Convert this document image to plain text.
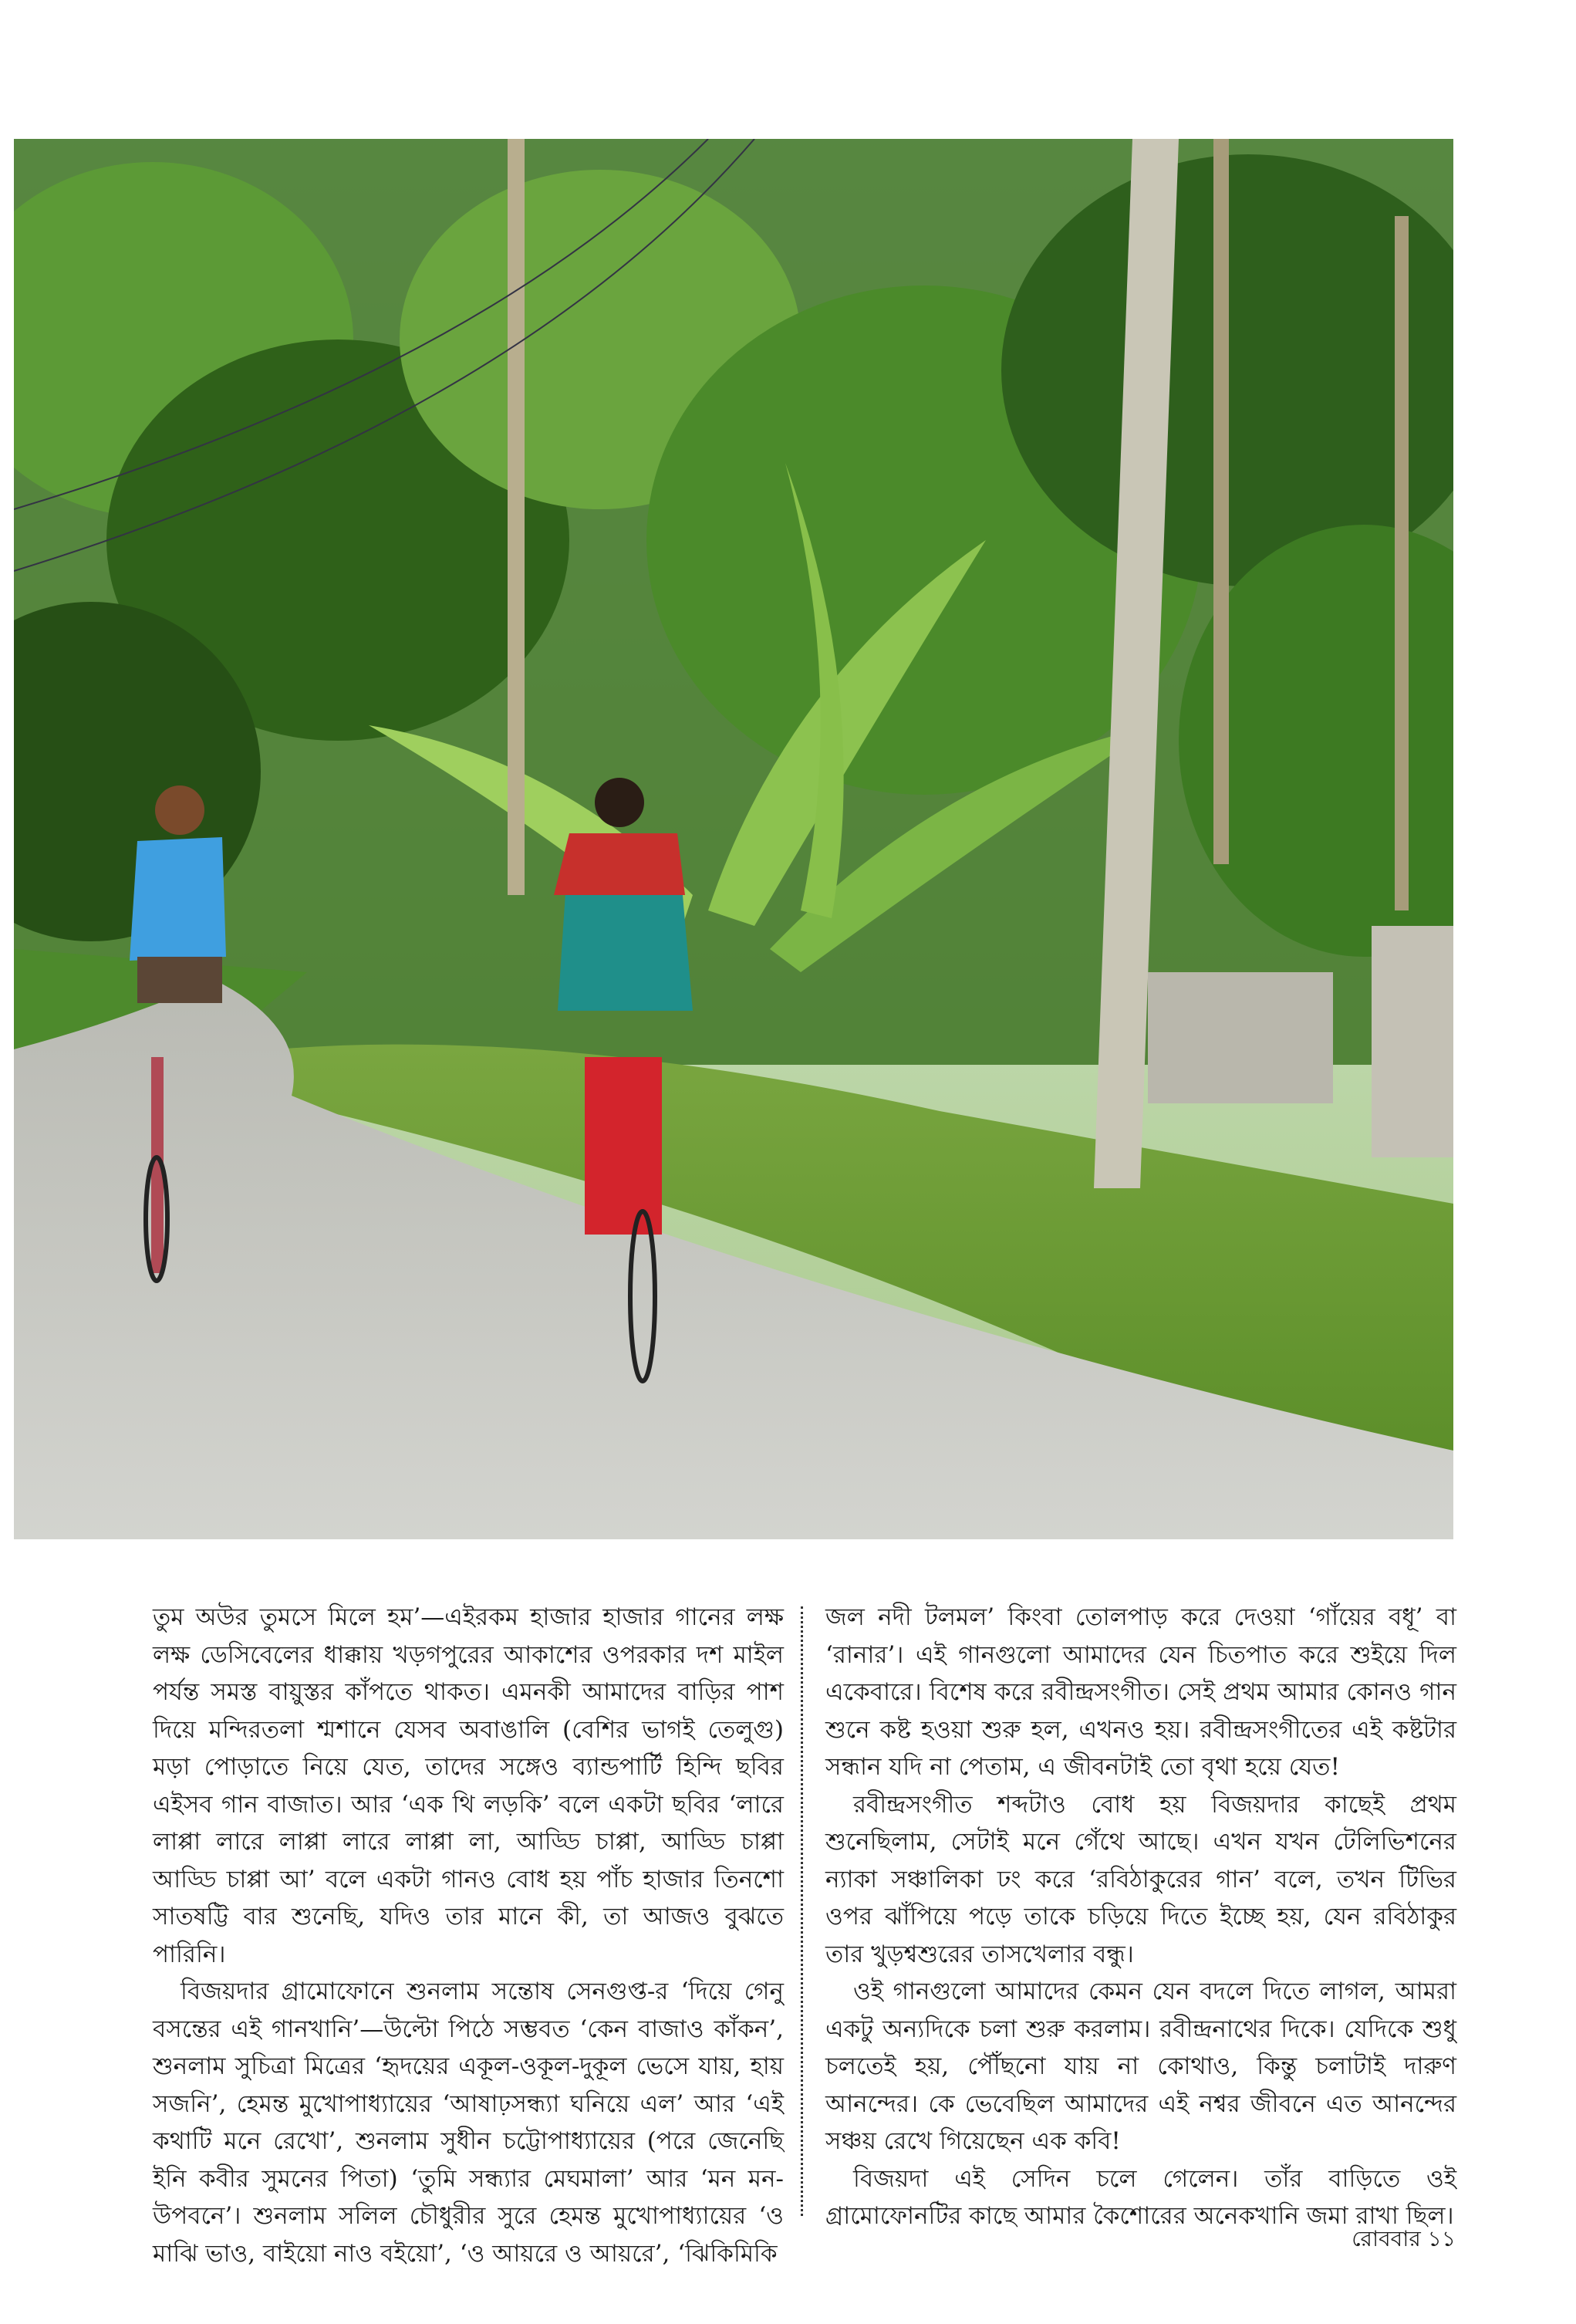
তুম অউর তুমসে মিলে হম’—এইরকম হাজার হাজার গানের লক্ষ লক্ষ ডেসিবেলের ধাক্কায় খড়গপুরের আকাশের ওপরকার দশ মাইল পর্যন্ত সমস্ত বায়ুস্তর কাঁপতে থাকত। এমনকী আমাদের বাড়ির পাশ দিয়ে মন্দিরতলা শ্মশানে যেসব অবাঙালি (বেশির ভাগই তেলুগু) মড়া পোড়াতে নিয়ে যেত, তাদের সঙ্গেও ব্যান্ডপার্টি হিন্দি ছবির এইসব গান বাজাত। আর ‘এক থি লড়কি’ বলে একটা ছবির ‘লারে লাপ্পা লারে লাপ্পা লারে লাপ্পা লা, আড্ডি চাপ্পা, আড্ডি চাপ্পা আড্ডি চাপ্পা আ’ বলে একটা গানও বোধ হয় পাঁচ হাজার তিনশো সাতষট্টি বার শুনেছি, যদিও তার মানে কী, তা আজও বুঝতে পারিনি।

বিজয়দার গ্রামোফোনে শুনলাম সন্তোষ সেনগুপ্ত-র ‘দিয়ে গেনু বসন্তের এই গানখানি’—উল্টো পিঠে সম্ভবত ‘কেন বাজাও কাঁকন’, শুনলাম সুচিত্রা মিত্রের ‘হৃদয়ের একূল-ওকূল-দুকূল ভেসে যায়, হায় সজনি’, হেমন্ত মুখোপাধ্যায়ের ‘আষাঢ়সন্ধ্যা ঘনিয়ে এল’ আর ‘এই কথাটি মনে রেখো’, শুনলাম সুধীন চট্টোপাধ্যায়ের (পরে জেনেছি ইনি কবীর সুমনের পিতা) ‘তুমি সন্ধ্যার মেঘমালা’ আর ‘মন মন-উপবনে’। শুনলাম সলিল চৌধুরীর সুরে হেমন্ত মুখোপাধ্যায়ের ‘ও মাঝি ভাও, বাইয়ো নাও বইয়ো’, ‘ও আয়রে ও আয়রে’, ‘ঝিকিমিকি

জল নদী টলমল’ কিংবা তোলপাড় করে দেওয়া ‘গাঁয়ের বধূ’ বা ‘রানার’। এই গানগুলো আমাদের যেন চিতপাত করে শুইয়ে দিল একেবারে। বিশেষ করে রবীন্দ্রসংগীত। সেই প্রথম আমার কোনও গান শুনে কষ্ট হওয়া শুরু হল, এখনও হয়। রবীন্দ্রসংগীতের এই কষ্টটার সন্ধান যদি না পেতাম, এ জীবনটাই তো বৃথা হয়ে যেত!

রবীন্দ্রসংগীত শব্দটাও বোধ হয় বিজয়দার কাছেই প্রথম শুনেছিলাম, সেটাই মনে গেঁথে আছে। এখন যখন টেলিভিশনের ন্যাকা সঞ্চালিকা ঢং করে ‘রবিঠাকুরের গান’ বলে, তখন টিভির ওপর ঝাঁপিয়ে পড়ে তাকে চড়িয়ে দিতে ইচ্ছে হয়, যেন রবিঠাকুর তার খুড়শ্বশুরের তাসখেলার বন্ধু।

ওই গানগুলো আমাদের কেমন যেন বদলে দিতে লাগল, আমরা একটু অন্যদিকে চলা শুরু করলাম। রবীন্দ্রনাথের দিকে। যেদিকে শুধু চলতেই হয়, পৌঁছনো যায় না কোথাও, কিন্তু চলাটাই দারুণ আনন্দের। কে ভেবেছিল আমাদের এই নশ্বর জীবনে এত আনন্দের সঞ্চয় রেখে গিয়েছেন এক কবি!

বিজয়দা এই সেদিন চলে গেলেন। তাঁর বাড়িতে ওই গ্রামোফোনটির কাছে আমার কৈশোরের অনেকখানি জমা রাখা ছিল।

রোববার ১১
